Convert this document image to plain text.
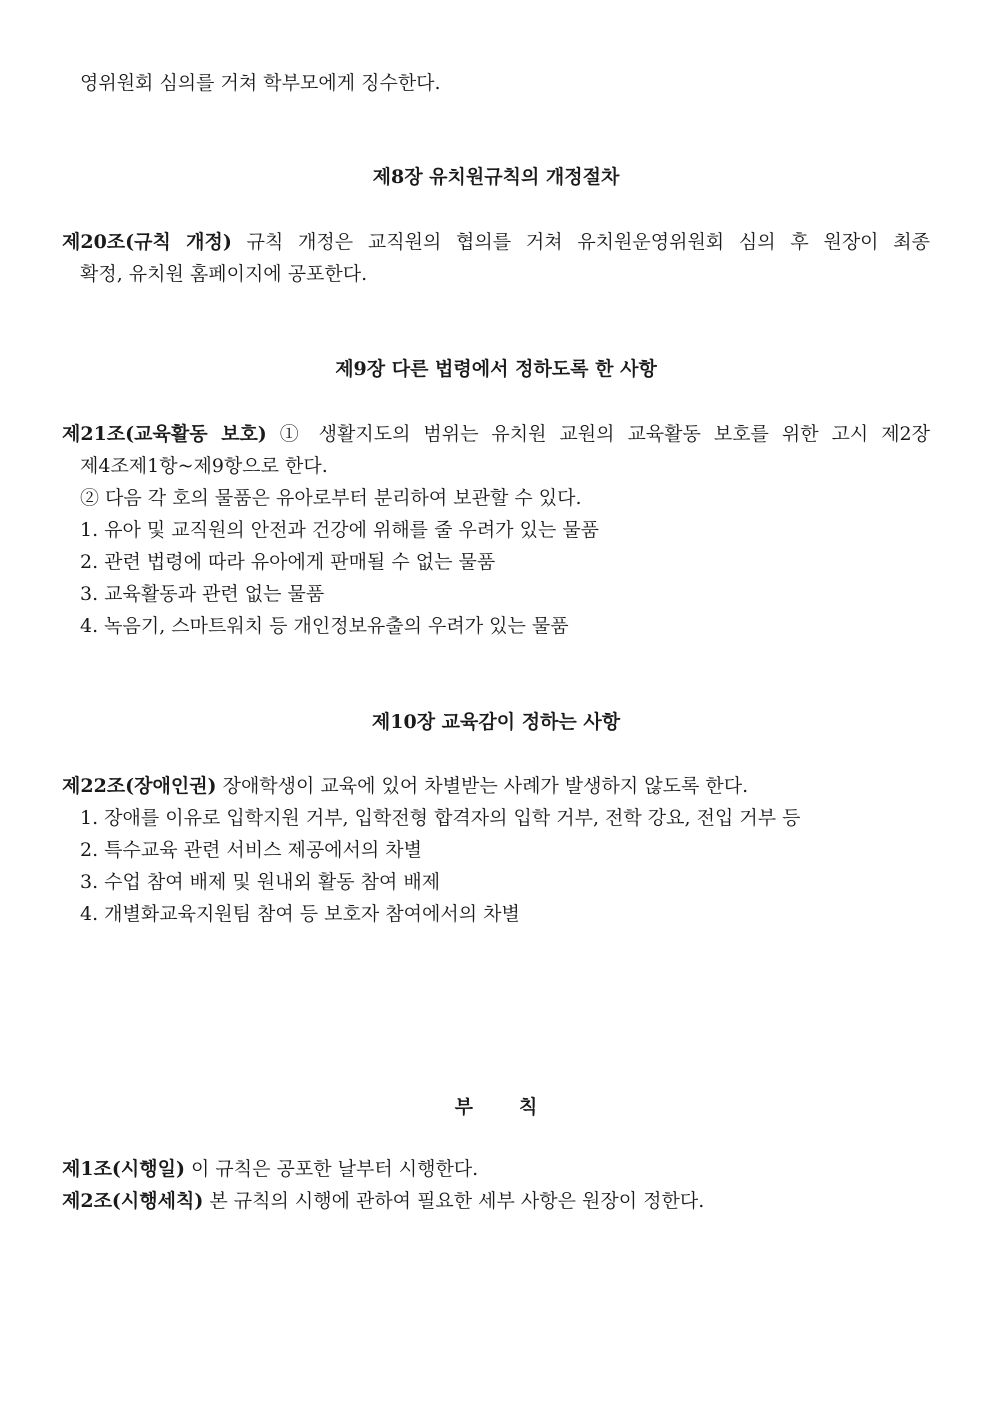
영위원회 심의를 거쳐 학부모에게 징수한다.
제8장 유치원규칙의 개정절차
제20조(규칙 개정) 규칙 개정은 교직원의 협의를 거쳐 유치원운영위원회 심의 후 원장이 최종
확정, 유치원 홈페이지에 공포한다.
제9장 다른 법령에서 정하도록 한 사항
제21조(교육활동 보호) ① 생활지도의 범위는 유치원 교원의 교육활동 보호를 위한 고시 제2장
제4조제1항~제9항으로 한다.
② 다음 각 호의 물품은 유아로부터 분리하여 보관할 수 있다.
1. 유아 및 교직원의 안전과 건강에 위해를 줄 우려가 있는 물품
2. 관련 법령에 따라 유아에게 판매될 수 없는 물품
3. 교육활동과 관련 없는 물품
4. 녹음기, 스마트워치 등 개인정보유출의 우려가 있는 물품
제10장 교육감이 정하는 사항
제22조(장애인권) 장애학생이 교육에 있어 차별받는 사례가 발생하지 않도록 한다.
1. 장애를 이유로 입학지원 거부, 입학전형 합격자의 입학 거부, 전학 강요, 전입 거부 등
2. 특수교육 관련 서비스 제공에서의 차별
3. 수업 참여 배제 및 원내외 활동 참여 배제
4. 개별화교육지원팀 참여 등 보호자 참여에서의 차별
부칙
제1조(시행일) 이 규칙은 공포한 날부터 시행한다.
제2조(시행세칙) 본 규칙의 시행에 관하여 필요한 세부 사항은 원장이 정한다.
